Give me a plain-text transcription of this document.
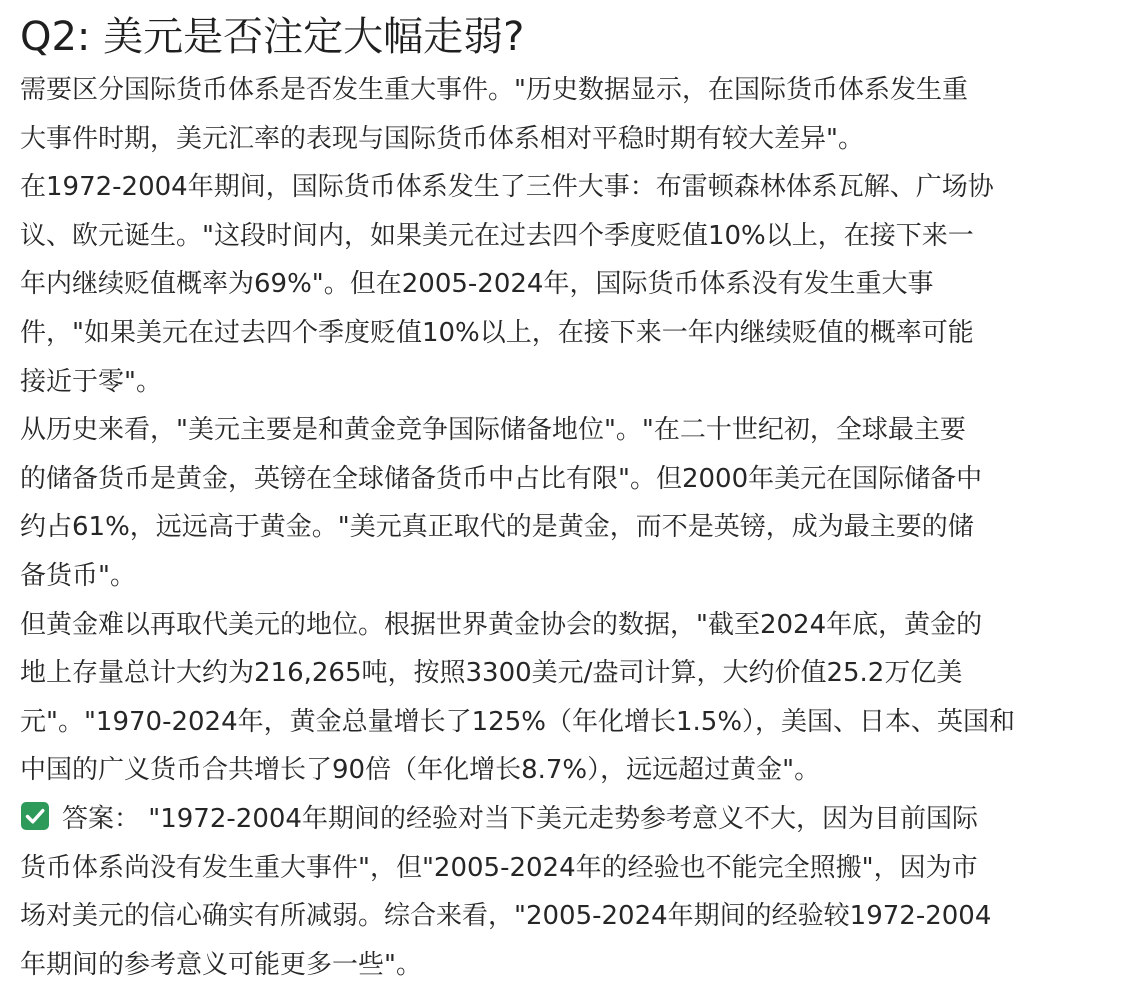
Q2: 美元是否注定大幅走弱?
需要区分国际货币体系是否发生重大事件。"历史数据显示，在国际货币体系发生重
大事件时期，美元汇率的表现与国际货币体系相对平稳时期有较大差异"。
在1972-2004年期间，国际货币体系发生了三件大事：布雷顿森林体系瓦解、广场协
议、欧元诞生。"这段时间内，如果美元在过去四个季度贬值10%以上，在接下来一
年内继续贬值概率为69%"。但在2005-2024年，国际货币体系没有发生重大事
件，"如果美元在过去四个季度贬值10%以上，在接下来一年内继续贬值的概率可能
接近于零"。
从历史来看，"美元主要是和黄金竞争国际储备地位"。"在二十世纪初，全球最主要
的储备货币是黄金，英镑在全球储备货币中占比有限"。但2000年美元在国际储备中
约占61%，远远高于黄金。"美元真正取代的是黄金，而不是英镑，成为最主要的储
备货币"。
但黄金难以再取代美元的地位。根据世界黄金协会的数据，"截至2024年底，黄金的
地上存量总计大约为216,265吨，按照3300美元/盎司计算，大约价值25.2万亿美
元"。"1970-2024年，黄金总量增长了125%（年化增长1.5%），美国、日本、英国和
中国的广义货币合共增长了90倍（年化增长8.7%），远远超过黄金"。
答案： "1972-2004年期间的经验对当下美元走势参考意义不大，因为目前国际
货币体系尚没有发生重大事件"，但"2005-2024年的经验也不能完全照搬"，因为市
场对美元的信心确实有所减弱。综合来看，"2005-2024年期间的经验较1972-2004
年期间的参考意义可能更多一些"。
